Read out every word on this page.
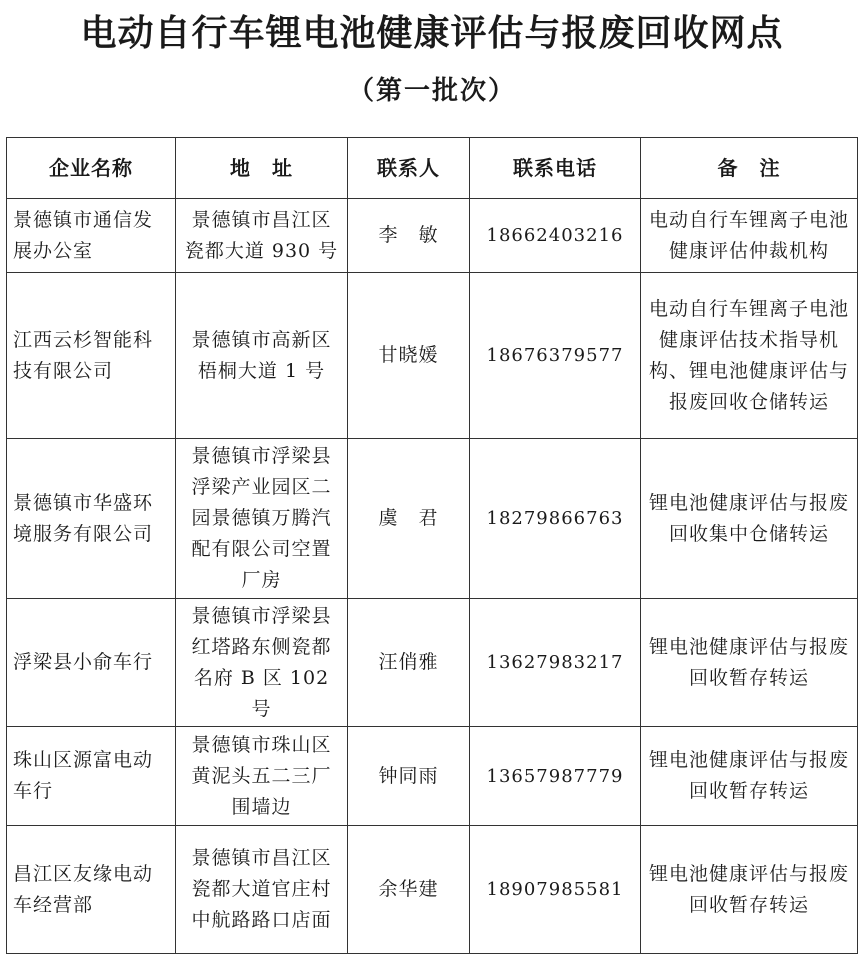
电动自行车锂电池健康评估与报废回收网点
（第一批次）
企业名称	地　址	联系人	联系电话	备　注
景德镇市通信发展办公室	景德镇市昌江区瓷都大道 930 号	李　敏	18662403216	电动自行车锂离子电池健康评估仲裁机构
江西云杉智能科技有限公司	景德镇市高新区梧桐大道 1 号	甘晓媛	18676379577	电动自行车锂离子电池健康评估技术指导机构、锂电池健康评估与报废回收仓储转运
景德镇市华盛环境服务有限公司	景德镇市浮梁县浮梁产业园区二园景德镇万腾汽配有限公司空置厂房	虞　君	18279866763	锂电池健康评估与报废回收集中仓储转运
浮梁县小俞车行	景德镇市浮梁县红塔路东侧瓷都名府 B 区 102 号	汪俏雅	13627983217	锂电池健康评估与报废回收暂存转运
珠山区源富电动车行	景德镇市珠山区黄泥头五二三厂围墙边	钟同雨	13657987779	锂电池健康评估与报废回收暂存转运
昌江区友缘电动车经营部	景德镇市昌江区瓷都大道官庄村中航路路口店面	余华建	18907985581	锂电池健康评估与报废回收暂存转运
